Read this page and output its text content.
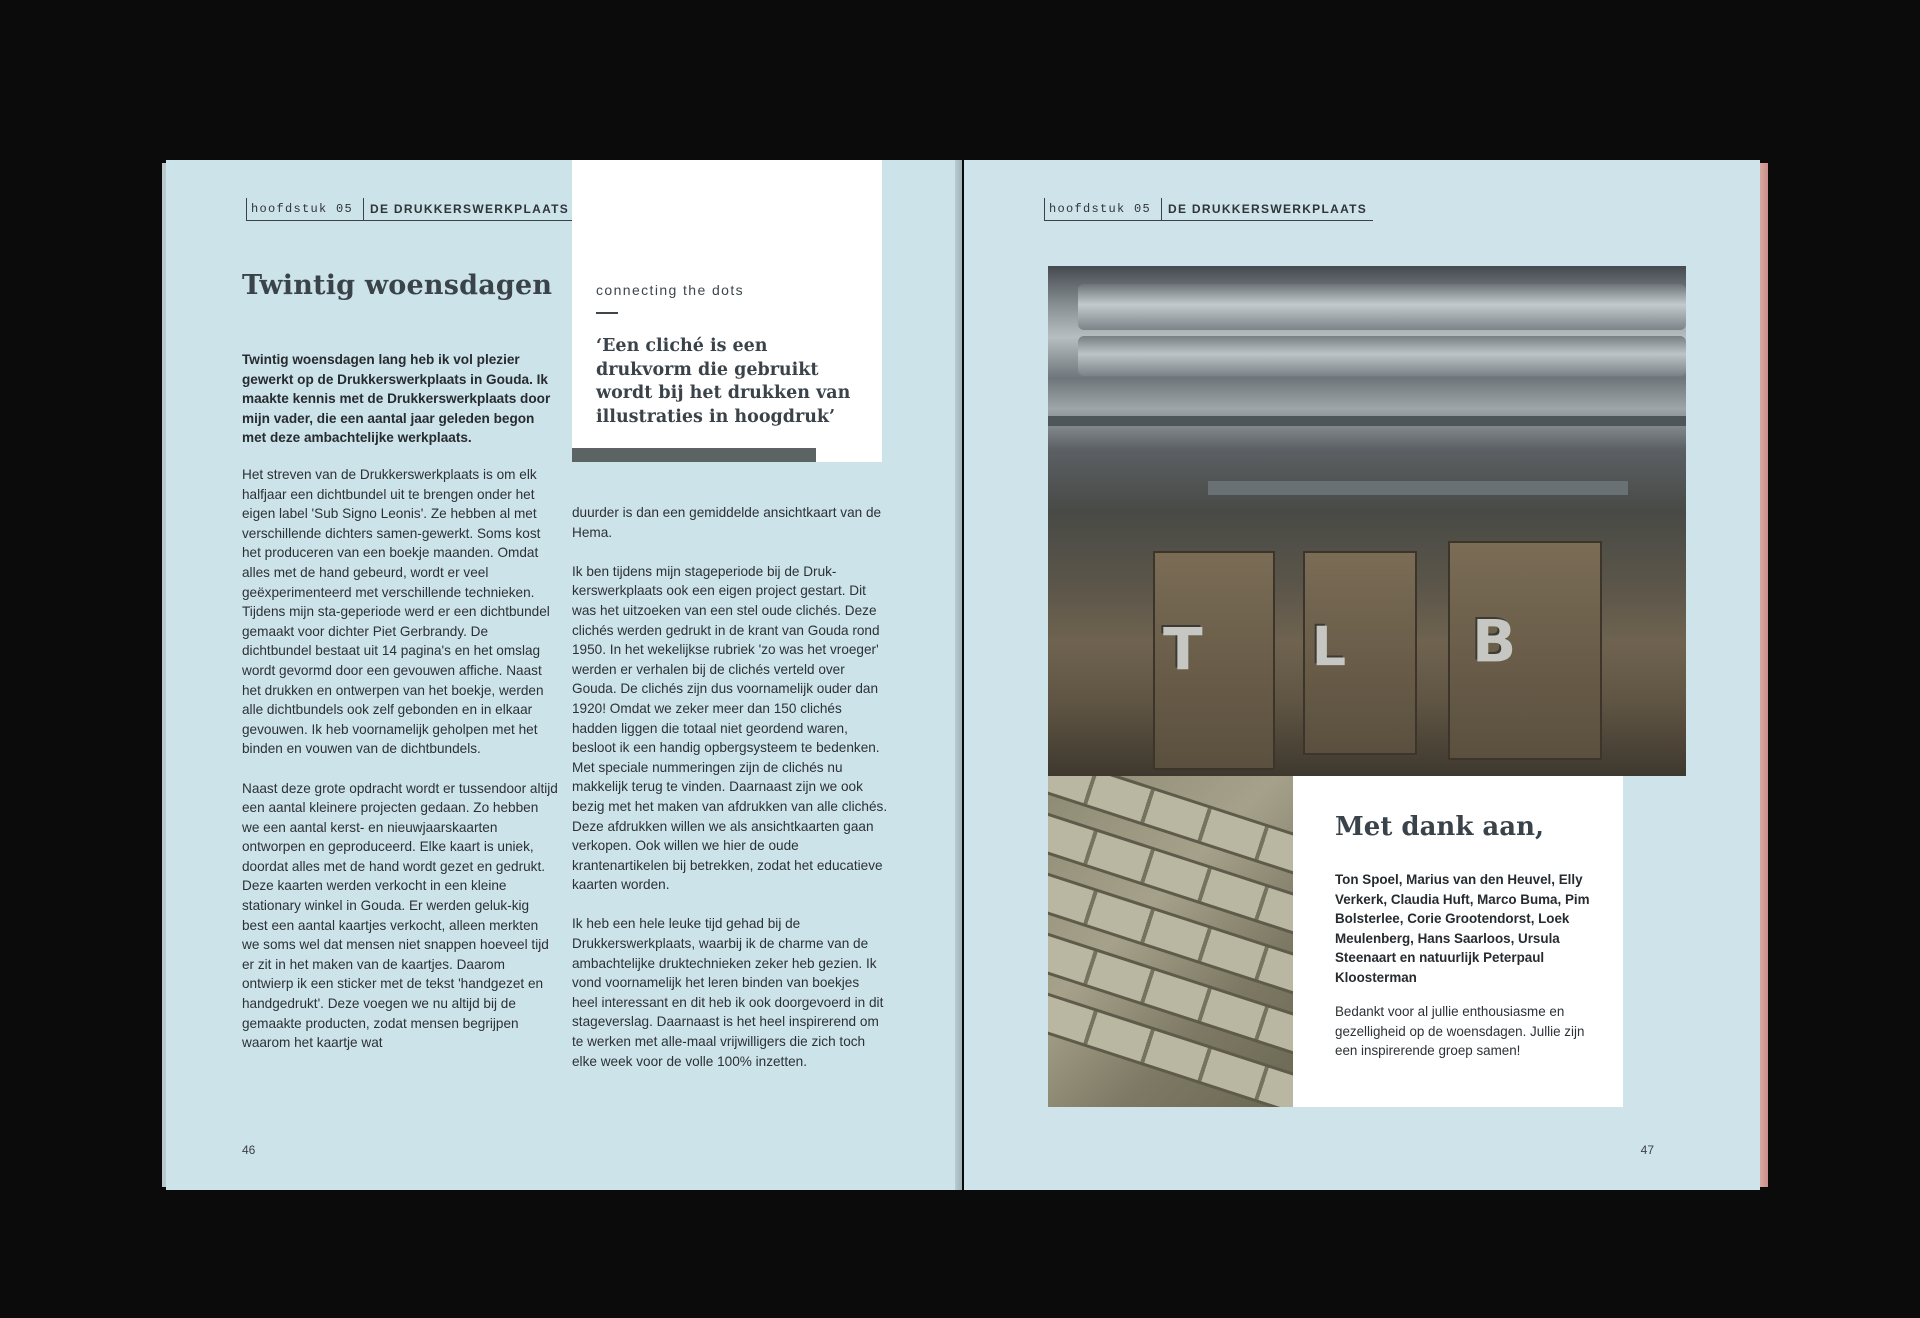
hoofdstuk 05	DE DRUKKERSWERKPLAATS
connecting the dots

‘Een cliché is een drukvorm die gebruikt wordt bij het drukken van illustraties in hoogdruk’

Twintig woensdagen

Twintig woensdagen lang heb ik vol plezier gewerkt op de Drukkerswerkplaats in Gouda. Ik maakte kennis met de Drukkerswerkplaats door mijn vader, die een aantal jaar geleden begon met deze ambachtelijke werkplaats.

Het streven van de Drukkerswerkplaats is om elk halfjaar een dichtbundel uit te brengen onder het eigen label 'Sub Signo Leonis'. Ze hebben al met verschillende dichters samen-gewerkt. Soms kost het produceren van een boekje maanden. Omdat alles met de hand gebeurd, wordt er veel geëxperimenteerd met verschillende technieken. Tijdens mijn sta-geperiode werd er een dichtbundel gemaakt voor dichter Piet Gerbrandy. De dichtbundel bestaat uit 14 pagina's en het omslag wordt gevormd door een gevouwen affiche. Naast het drukken en ontwerpen van het boekje, werden alle dichtbundels ook zelf gebonden en in elkaar gevouwen. Ik heb voornamelijk geholpen met het binden en vouwen van de dichtbundels.

Naast deze grote opdracht wordt er tussendoor altijd een aantal kleinere projecten gedaan. Zo hebben we een aantal kerst- en nieuwjaarskaarten ontworpen en geproduceerd. Elke kaart is uniek, doordat alles met de hand wordt gezet en gedrukt. Deze kaarten werden verkocht in een kleine stationary winkel in Gouda. Er werden geluk-kig best een aantal kaartjes verkocht, alleen merkten we soms wel dat mensen niet snappen hoeveel tijd er zit in het maken van de kaartjes. Daarom ontwierp ik een sticker met de tekst 'handgezet en handgedrukt'. Deze voegen we nu altijd bij de gemaakte producten, zodat mensen begrijpen waarom het kaartje wat

duurder is dan een gemiddelde ansichtkaart van de Hema.

Ik ben tijdens mijn stageperiode bij de Druk-kerswerkplaats ook een eigen project gestart. Dit was het uitzoeken van een stel oude clichés. Deze clichés werden gedrukt in de krant van Gouda rond 1950. In het wekelijkse rubriek 'zo was het vroeger' werden er verhalen bij de clichés verteld over Gouda. De clichés zijn dus voornamelijk ouder dan 1920! Omdat we zeker meer dan 150 clichés hadden liggen die totaal niet geordend waren, besloot ik een handig opbergsysteem te bedenken. Met speciale nummeringen zijn de clichés nu makkelijk terug te vinden. Daarnaast zijn we ook bezig met het maken van afdrukken van alle clichés. Deze afdrukken willen we als ansichtkaarten gaan verkopen. Ook willen we hier de oude krantenartikelen bij betrekken, zodat het educatieve kaarten worden.

Ik heb een hele leuke tijd gehad bij de Drukkerswerkplaats, waarbij ik de charme van de ambachtelijke druktechnieken zeker heb gezien. Ik vond voornamelijk het leren binden van boekjes heel interessant en dit heb ik ook doorgevoerd in dit stageverslag. Daarnaast is het heel inspirerend om te werken met alle-maal vrijwilligers die zich toch elke week voor de volle 100% inzetten.

46
hoofdstuk 05	DE DRUKKERSWERKPLAATS
ꓕ ꓶ ꓭ
Met dank aan,

Ton Spoel, Marius van den Heuvel, Elly Verkerk, Claudia Huft, Marco Buma, Pim Bolsterlee, Corie Grootendorst, Loek Meulenberg, Hans Saarloos, Ursula Steenaart en natuurlijk Peterpaul Kloosterman

Bedankt voor al jullie enthousiasme en gezelligheid op de woensdagen. Jullie zijn een inspirerende groep samen!

47
